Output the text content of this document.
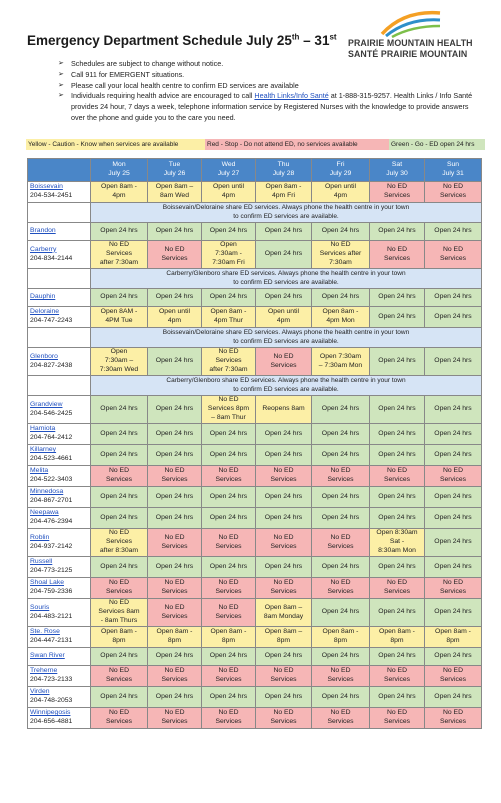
Emergency Department Schedule July 25th – 31st
PRAIRIE MOUNTAIN HEALTH
SANTÉ PRAIRIE MOUNTAIN
➢ Schedules are subject to change without notice.
➢ Call 911 for EMERGENT situations.
➢ Please call your local health centre to confirm ED services are available
➢ Individuals requiring health advice are encouraged to call Health Links/Info Santé at 1-888-315-9257. Health Links / Info Santé provides 24 hour, 7 days a week, telephone information service by Registered Nurses with the knowledge to provide answers over the phone and guide you to the care you need.
Yellow - Caution - Know when services are available	Red - Stop - Do not attend ED, no services available	Green - Go - ED open 24 hrs
	Mon
July 25	Tue
July 26	Wed
July 27	Thu
July 28	Fri
July 29	Sat
July 30	Sun
July 31
Boissevain
204-534-2451	Open 8am -
4pm	Open 8am –
8am Wed	Open until
4pm	Open 8am -
4pm Fri	Open until
4pm	No ED
Services	No ED
Services
	Boissevain/Deloraine share ED services. Always phone the health centre in your town
to confirm ED services are available.						
Brandon	Open 24 hrs	Open 24 hrs	Open 24 hrs	Open 24 hrs	Open 24 hrs	Open 24 hrs	Open 24 hrs
Carberry
204-834-2144	No ED
Services
after 7:30am	No ED
Services	Open
7:30am -
7:30am Fri	Open 24 hrs	No ED
Services after
7:30am	No ED
Services	No ED
Services
	Carberry/Glenboro share ED services. Always phone the health centre in your town
to confirm ED services are available.						
Dauphin	Open 24 hrs	Open 24 hrs	Open 24 hrs	Open 24 hrs	Open 24 hrs	Open 24 hrs	Open 24 hrs
Deloraine
204-747-2243	Open 8AM -
4PM Tue	Open until
4pm	Open 8am -
4pm Thur	Open until
4pm	Open 8am -
4pm Mon	Open 24 hrs	Open 24 hrs
	Boissevain/Deloraine share ED services. Always phone the health centre in your town
to confirm ED services are available.						
Glenboro
204-827-2438	Open
7:30am –
7:30am Wed	Open 24 hrs	No ED
Services
after 7:30am	No ED
Services	Open 7:30am
– 7:30am Mon	Open 24 hrs	Open 24 hrs
	Carberry/Glenboro share ED services. Always phone the health centre in your town
to confirm ED services are available.						
Grandview
204-546-2425	Open 24 hrs	Open 24 hrs	No ED
Services 8pm
– 8am Thur	Reopens 8am	Open 24 hrs	Open 24 hrs	Open 24 hrs
Hamiota
204-764-2412	Open 24 hrs	Open 24 hrs	Open 24 hrs	Open 24 hrs	Open 24 hrs	Open 24 hrs	Open 24 hrs
Killarney
204-523-4661	Open 24 hrs	Open 24 hrs	Open 24 hrs	Open 24 hrs	Open 24 hrs	Open 24 hrs	Open 24 hrs
Melita
204-522-3403	No ED
Services	No ED
Services	No ED
Services	No ED
Services	No ED
Services	No ED
Services	No ED
Services
Minnedosa
204-867-2701	Open 24 hrs	Open 24 hrs	Open 24 hrs	Open 24 hrs	Open 24 hrs	Open 24 hrs	Open 24 hrs
Neepawa
204-476-2394	Open 24 hrs	Open 24 hrs	Open 24 hrs	Open 24 hrs	Open 24 hrs	Open 24 hrs	Open 24 hrs
Roblin
204-937-2142	No ED
Services
after 8:30am	No ED
Services	No ED
Services	No ED
Services	No ED
Services	Open 8:30am
Sat -
8:30am Mon	Open 24 hrs
Russell
204-773-2125	Open 24 hrs	Open 24 hrs	Open 24 hrs	Open 24 hrs	Open 24 hrs	Open 24 hrs	Open 24 hrs
Shoal Lake
204-759-2336	No ED
Services	No ED
Services	No ED
Services	No ED
Services	No ED
Services	No ED
Services	No ED
Services
Souris
204-483-2121	No ED
Services 8am
- 8am Thurs	No ED
Services	No ED
Services	Open 8am –
8am Monday	Open 24 hrs	Open 24 hrs	Open 24 hrs
Ste. Rose
204-447-2131	Open 8am -
8pm	Open 8am -
8pm	Open 8am -
8pm	Open 8am –
8pm	Open 8am -
8pm	Open 8am -
8pm	Open 8am -
8pm
Swan River	Open 24 hrs	Open 24 hrs	Open 24 hrs	Open 24 hrs	Open 24 hrs	Open 24 hrs	Open 24 hrs
Treherne
204-723-2133	No ED
Services	No ED
Services	No ED
Services	No ED
Services	No ED
Services	No ED
Services	No ED
Services
Virden
204-748-2053	Open 24 hrs	Open 24 hrs	Open 24 hrs	Open 24 hrs	Open 24 hrs	Open 24 hrs	Open 24 hrs
Winnipegosis
204-656-4881	No ED
Services	No ED
Services	No ED
Services	No ED
Services	No ED
Services	No ED
Services	No ED
Services
